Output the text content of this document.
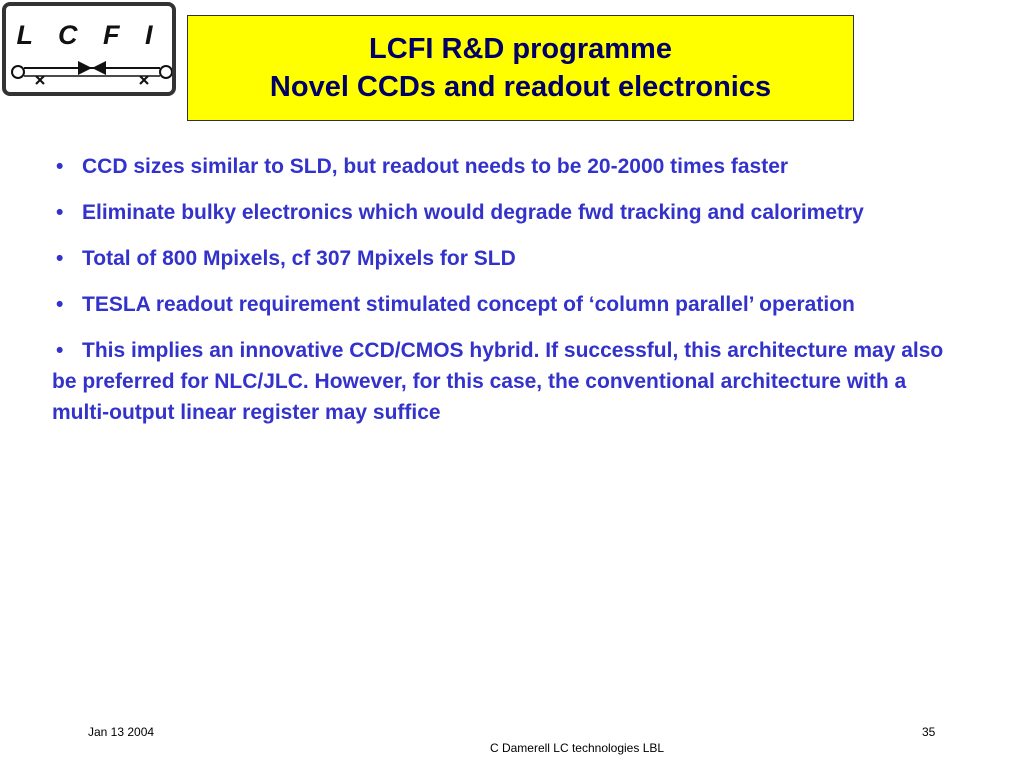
L C F I	LCFI R&D programme
Novel CCDs and readout electronics
• CCD sizes similar to SLD, but readout needs to be 20-2000 times faster
• Eliminate bulky electronics which would degrade fwd tracking and calorimetry
• Total of 800 Mpixels, cf 307 Mpixels for SLD
• TESLA readout requirement stimulated concept of ‘column parallel’ operation
• This implies an innovative CCD/CMOS hybrid. If successful, this architecture may also be preferred for NLC/JLC. However, for this case, the conventional architecture with a multi-output linear register may suffice
Jan 13 2004	35
C Damerell LC technologies LBL
